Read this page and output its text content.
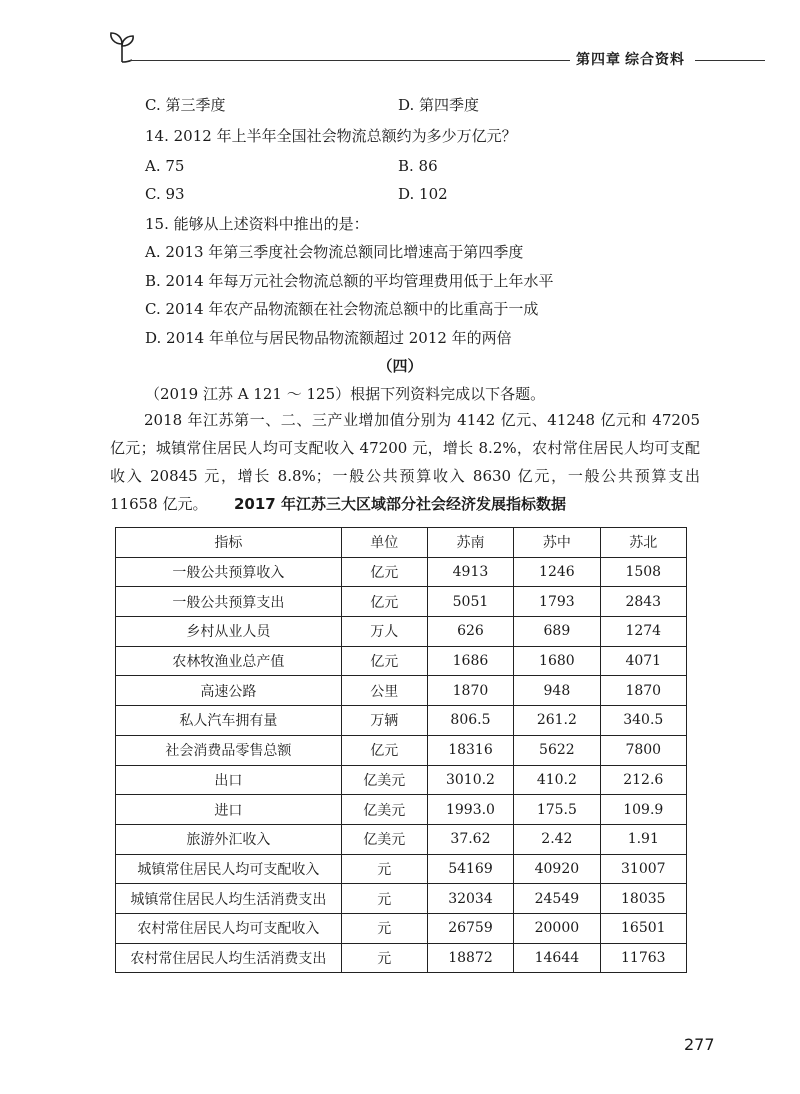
第四章 综合资料
C. 第三季度	D. 第四季度
14. 2012 年上半年全国社会物流总额约为多少万亿元？
A. 75	B. 86
C. 93	D. 102
15. 能够从上述资料中推出的是：
A. 2013 年第三季度社会物流总额同比增速高于第四季度
B. 2014 年每万元社会物流总额的平均管理费用低于上年水平
C. 2014 年农产品物流额在社会物流总额中的比重高于一成
D. 2014 年单位与居民物品物流额超过 2012 年的两倍
（四）
（2019 江苏 A 121 ～ 125）根据下列资料完成以下各题。
2018 年江苏第一、二、三产业增加值分别为 4142 亿元、41248 亿元和 47205 亿元；城镇常住居民人均可支配收入 47200 元，增长 8.2%，农村常住居民人均可支配收入 20845 元，增长 8.8%；一般公共预算收入 8630 亿元，一般公共预算支出 11658 亿元。	2017 年江苏三大区域部分社会经济发展指标数据
指标	单位	苏南	苏中	苏北
一般公共预算收入	亿元	4913	1246	1508
一般公共预算支出	亿元	5051	1793	2843
乡村从业人员	万人	626	689	1274
农林牧渔业总产值	亿元	1686	1680	4071
高速公路	公里	1870	948	1870
私人汽车拥有量	万辆	806.5	261.2	340.5
社会消费品零售总额	亿元	18316	5622	7800
出口	亿美元	3010.2	410.2	212.6
进口	亿美元	1993.0	175.5	109.9
旅游外汇收入	亿美元	37.62	2.42	1.91
城镇常住居民人均可支配收入	元	54169	40920	31007
城镇常住居民人均生活消费支出	元	32034	24549	18035
农村常住居民人均可支配收入	元	26759	20000	16501
农村常住居民人均生活消费支出	元	18872	14644	11763
277
